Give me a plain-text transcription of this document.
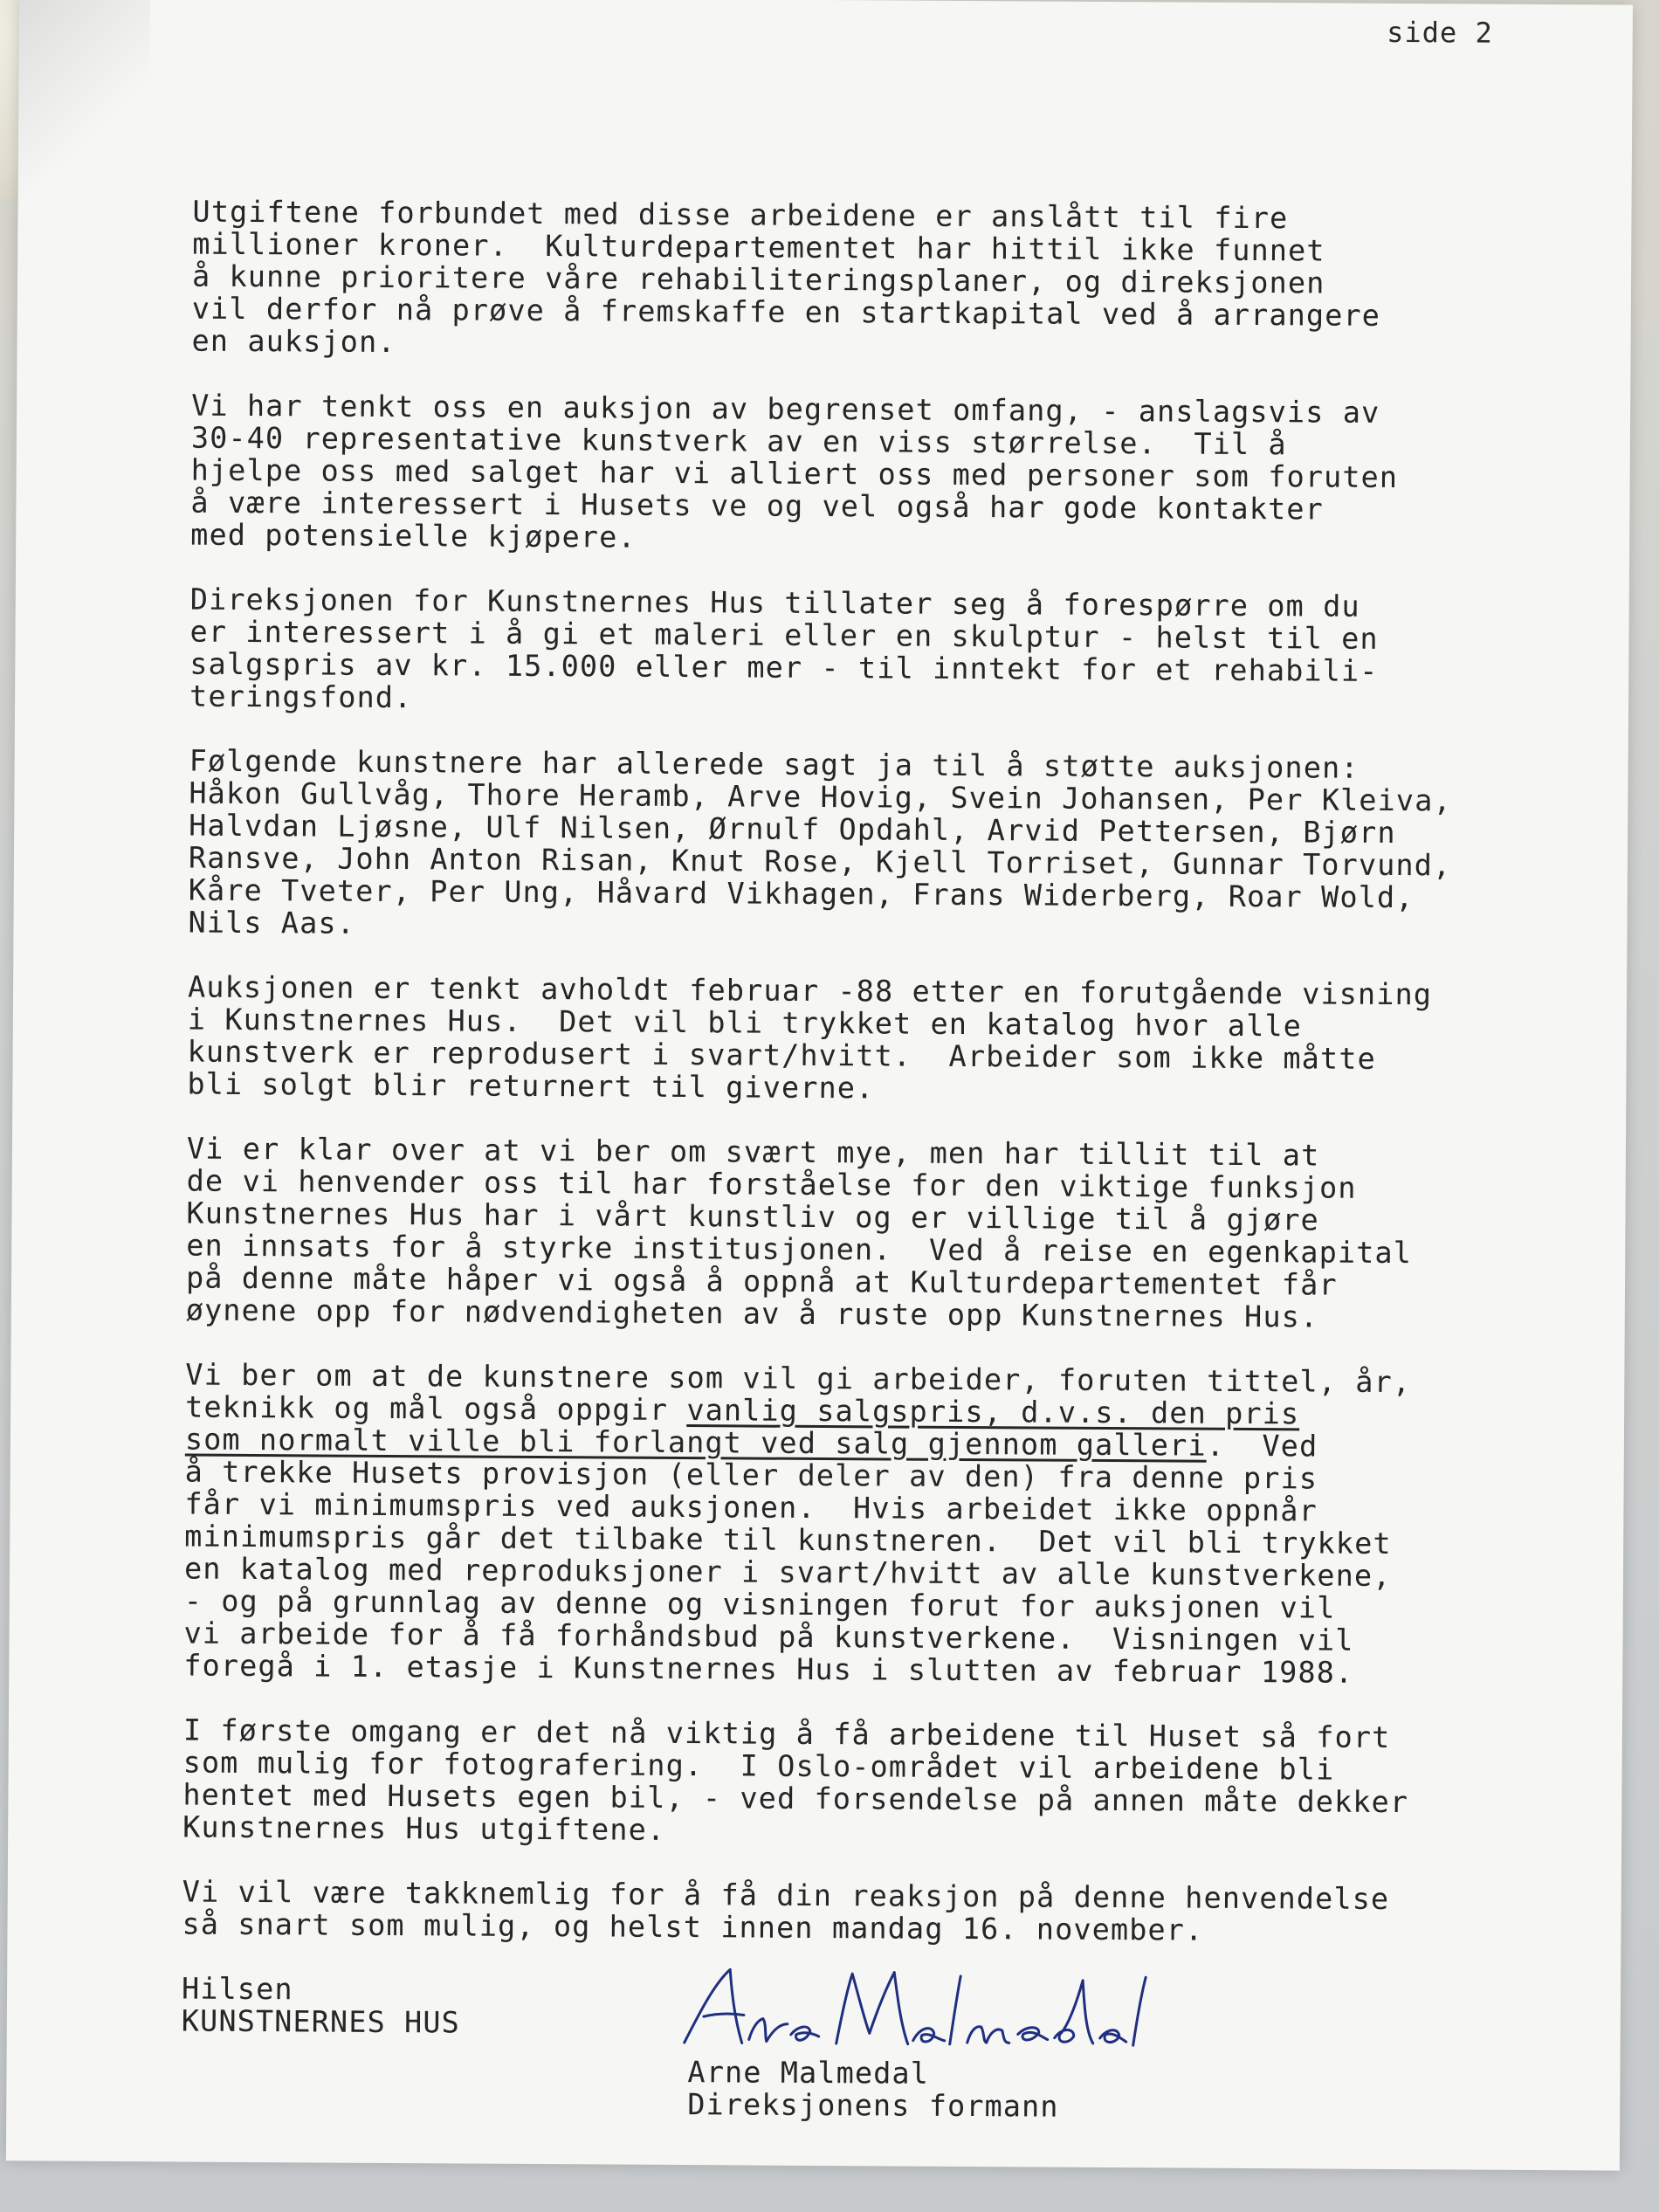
side 2

Utgiftene forbundet med disse arbeidene er anslått til fire
millioner kroner.  Kulturdepartementet har hittil ikke funnet
å kunne prioritere våre rehabiliteringsplaner, og direksjonen
vil derfor nå prøve å fremskaffe en startkapital ved å arrangere
en auksjon.

Vi har tenkt oss en auksjon av begrenset omfang, - anslagsvis av
30-40 representative kunstverk av en viss størrelse.  Til å
hjelpe oss med salget har vi alliert oss med personer som foruten
å være interessert i Husets ve og vel også har gode kontakter
med potensielle kjøpere.

Direksjonen for Kunstnernes Hus tillater seg å forespørre om du
er interessert i å gi et maleri eller en skulptur - helst til en
salgspris av kr. 15.000 eller mer - til inntekt for et rehabili-
teringsfond.

Følgende kunstnere har allerede sagt ja til å støtte auksjonen:
Håkon Gullvåg, Thore Heramb, Arve Hovig, Svein Johansen, Per Kleiva,
Halvdan Ljøsne, Ulf Nilsen, Ørnulf Opdahl, Arvid Pettersen, Bjørn
Ransve, John Anton Risan, Knut Rose, Kjell Torriset, Gunnar Torvund,
Kåre Tveter, Per Ung, Håvard Vikhagen, Frans Widerberg, Roar Wold,
Nils Aas.

Auksjonen er tenkt avholdt februar -88 etter en forutgående visning
i Kunstnernes Hus.  Det vil bli trykket en katalog hvor alle
kunstverk er reprodusert i svart/hvitt.  Arbeider som ikke måtte
bli solgt blir returnert til giverne.

Vi er klar over at vi ber om svært mye, men har tillit til at
de vi henvender oss til har forståelse for den viktige funksjon
Kunstnernes Hus har i vårt kunstliv og er villige til å gjøre
en innsats for å styrke institusjonen.  Ved å reise en egenkapital
på denne måte håper vi også å oppnå at Kulturdepartementet får
øynene opp for nødvendigheten av å ruste opp Kunstnernes Hus.

Vi ber om at de kunstnere som vil gi arbeider, foruten tittel, år,
teknikk og mål også oppgir vanlig salgspris, d.v.s. den pris
som normalt ville bli forlangt ved salg gjennom galleri.  Ved
å trekke Husets provisjon (eller deler av den) fra denne pris
får vi minimumspris ved auksjonen.  Hvis arbeidet ikke oppnår
minimumspris går det tilbake til kunstneren.  Det vil bli trykket
en katalog med reproduksjoner i svart/hvitt av alle kunstverkene,
- og på grunnlag av denne og visningen forut for auksjonen vil
vi arbeide for å få forhåndsbud på kunstverkene.  Visningen vil
foregå i 1. etasje i Kunstnernes Hus i slutten av februar 1988.

I første omgang er det nå viktig å få arbeidene til Huset så fort
som mulig for fotografering.  I Oslo-området vil arbeidene bli
hentet med Husets egen bil, - ved forsendelse på annen måte dekker
Kunstnernes Hus utgiftene.

Vi vil være takknemlig for å få din reaksjon på denne henvendelse
så snart som mulig, og helst innen mandag 16. november.

Hilsen
KUNSTNERNES HUS
Arne Malmedal
Direksjonens formann
